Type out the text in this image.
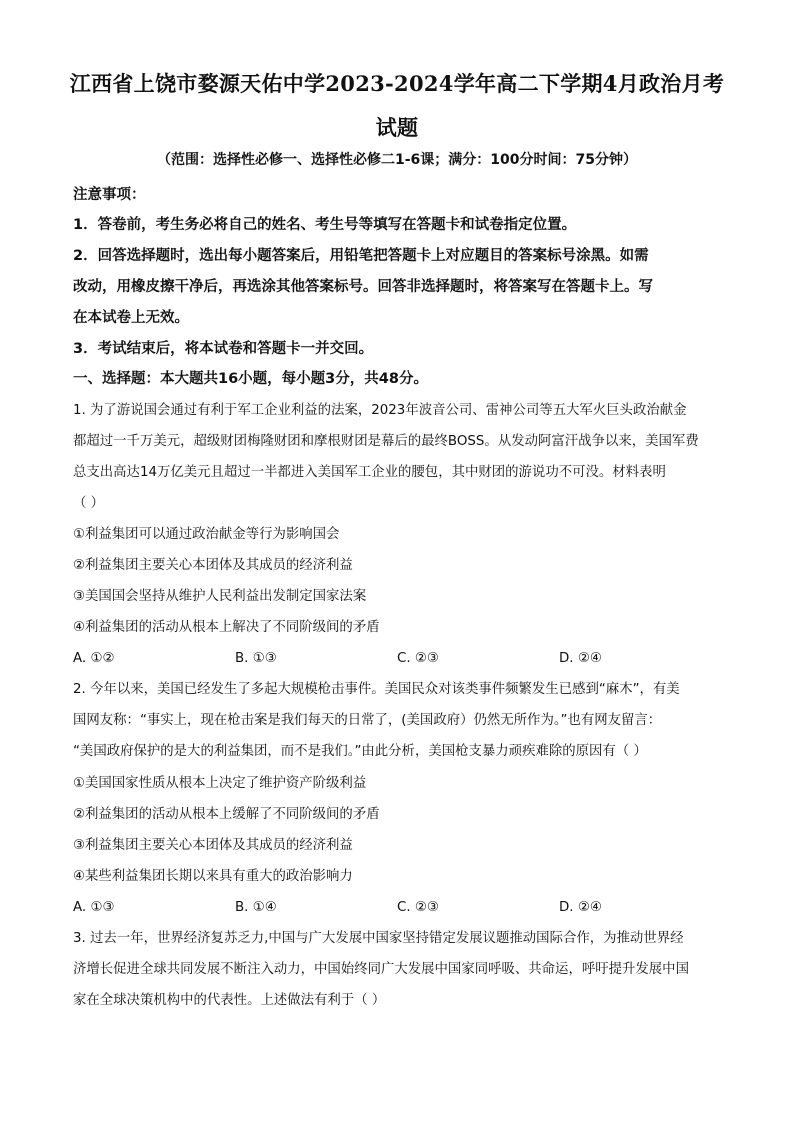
江西省上饶市婺源天佑中学2023-2024学年高二下学期4月政治月考
试题
（范围：选择性必修一、选择性必修二1-6课；满分：100分时间：75分钟）
注意事项：
1．答卷前，考生务必将自己的姓名、考生号等填写在答题卡和试卷指定位置。
2．回答选择题时，选出每小题答案后，用铅笔把答题卡上对应题目的答案标号涂黑。如需
改动，用橡皮擦干净后，再选涂其他答案标号。回答非选择题时，将答案写在答题卡上。写
在本试卷上无效。
3．考试结束后，将本试卷和答题卡一并交回。
一、选择题：本大题共16小题，每小题3分，共48分。
1. 为了游说国会通过有利于军工企业利益的法案，2023年波音公司、雷神公司等五大军火巨头政治献金
都超过一千万美元，超级财团梅隆财团和摩根财团是幕后的最终BOSS。从发动阿富汗战争以来，美国军费
总支出高达14万亿美元且超过一半都进入美国军工企业的腰包，其中财团的游说功不可没。材料表明
（ ）
①利益集团可以通过政治献金等行为影响国会
②利益集团主要关心本团体及其成员的经济利益
③美国国会坚持从维护人民利益出发制定国家法案
④利益集团的活动从根本上解决了不同阶级间的矛盾
A. ①②	B. ①③	C. ②③	D. ②④
2. 今年以来，美国已经发生了多起大规模枪击事件。美国民众对该类事件频繁发生已感到“麻木”，有美
国网友称：“事实上，现在枪击案是我们每天的日常了，(美国政府）仍然无所作为。”也有网友留言：
“美国政府保护的是大的利益集团，而不是我们。”由此分析，美国枪支暴力顽疾难除的原因有（ ）
①美国国家性质从根本上决定了维护资产阶级利益
②利益集团的活动从根本上缓解了不同阶级间的矛盾
③利益集团主要关心本团体及其成员的经济利益
④某些利益集团长期以来具有重大的政治影响力
A. ①③	B. ①④	C. ②③	D. ②④
3. 过去一年，世界经济复苏乏力,中国与广大发展中国家坚持错定发展议题推动国际合作，为推动世界经
济增长促进全球共同发展不断注入动力，中国始终同广大发展中国家同呼吸、共命运，呼吁提升发展中国
家在全球决策机构中的代表性。上述做法有利于（ ）
